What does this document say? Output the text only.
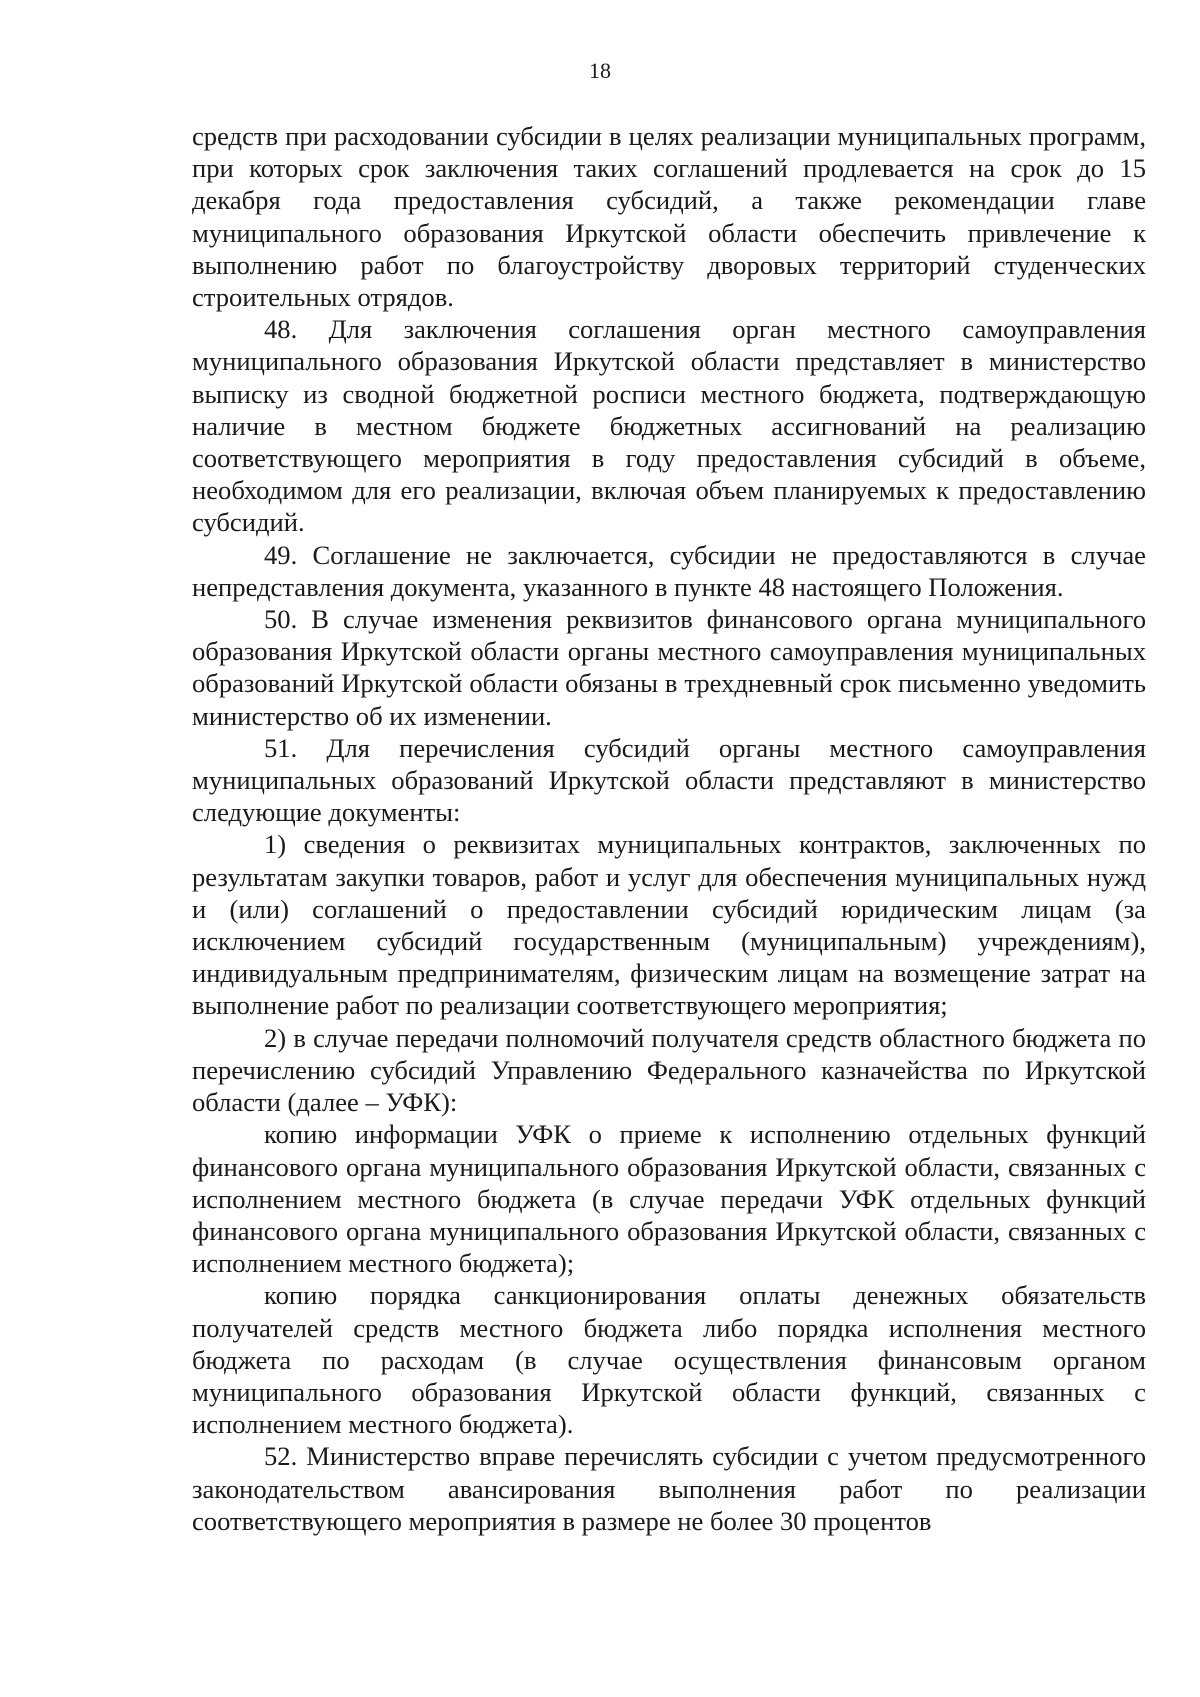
18

средств при расходовании субсидии в целях реализации муниципальных программ, при которых срок заключения таких соглашений продлевается на срок до 15 декабря года предоставления субсидий, а также рекомендации главе муниципального образования Иркутской области обеспечить привлечение к выполнению работ по благоустройству дворовых территорий студенческих строительных отрядов.

48. Для заключения соглашения орган местного самоуправления муниципального образования Иркутской области представляет в министерство выписку из сводной бюджетной росписи местного бюджета, подтверждающую наличие в местном бюджете бюджетных ассигнований на реализацию соответствующего мероприятия в году предоставления субсидий в объеме, необходимом для его реализации, включая объем планируемых к предоставлению субсидий.

49. Соглашение не заключается, субсидии не предоставляются в случае непредставления документа, указанного в пункте 48 настоящего Положения.

50. В случае изменения реквизитов финансового органа муниципального образования Иркутской области органы местного самоуправления муниципальных образований Иркутской области обязаны в трехдневный срок письменно уведомить министерство об их изменении.

51. Для перечисления субсидий органы местного самоуправления муниципальных образований Иркутской области представляют в министерство следующие документы:

1) сведения о реквизитах муниципальных контрактов, заключенных по результатам закупки товаров, работ и услуг для обеспечения муниципальных нужд и (или) соглашений о предоставлении субсидий юридическим лицам (за исключением субсидий государственным (муниципальным) учреждениям), индивидуальным предпринимателям, физическим лицам на возмещение затрат на выполнение работ по реализации соответствующего мероприятия;

2) в случае передачи полномочий получателя средств областного бюджета по перечислению субсидий Управлению Федерального казначейства по Иркутской области (далее – УФК):

копию информации УФК о приеме к исполнению отдельных функций финансового органа муниципального образования Иркутской области, связанных с исполнением местного бюджета (в случае передачи УФК отдельных функций финансового органа муниципального образования Иркутской области, связанных с исполнением местного бюджета);

копию порядка санкционирования оплаты денежных обязательств получателей средств местного бюджета либо порядка исполнения местного бюджета по расходам (в случае осуществления финансовым органом муниципального образования Иркутской области функций, связанных с исполнением местного бюджета).

52. Министерство вправе перечислять субсидии с учетом предусмотренного законодательством авансирования выполнения работ по реализации соответствующего мероприятия в размере не более 30 процентов
